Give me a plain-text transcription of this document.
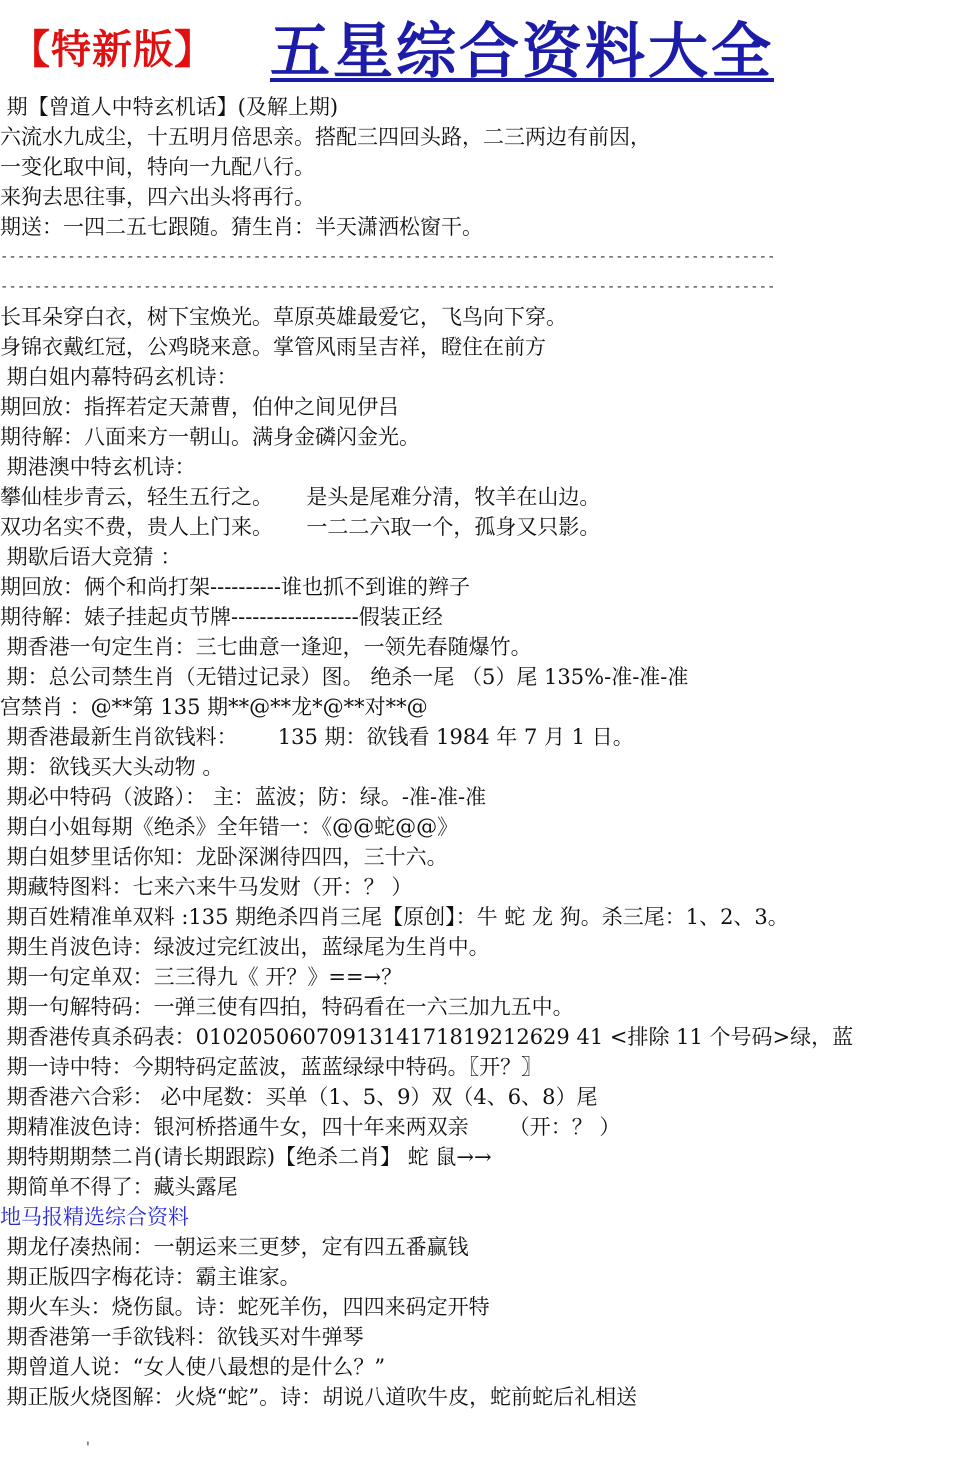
【特新版】 五星综合资料大全
期【曾道人中特玄机话】(及解上期)
六流水九成尘，十五明月倍思亲。搭配三四回头路，二三两边有前因，
一变化取中间，特向一九配八行。
来狗去思往事，四六出头将再行。
期送：一四二五七跟随。猜生肖：半天潇洒松窗干。
--------------------------------------------------------------------------------------------
--------------------------------------------------------------------------------------------
长耳朵穿白衣，树下宝焕光。草原英雄最爱它，飞鸟向下穿。
身锦衣戴红冠，公鸡晓来意。掌管风雨呈吉祥，瞪住在前方
期白姐内幕特码玄机诗：
期回放：指挥若定天萧曹，伯仲之间见伊吕
期待解：八面来方一朝山。满身金磷闪金光。
期港澳中特玄机诗：
攀仙桂步青云，轻生五行之。     是头是尾难分清，牧羊在山边。
双功名实不费，贵人上门来。     一二二六取一个，孤身又只影。
期歇后语大竞猜 ：
期回放：俩个和尚打架----------谁也抓不到谁的辫子
期待解：婊子挂起贞节牌------------------假装正经
期香港一句定生肖：三七曲意一逢迎，一领先春随爆竹。
期：总公司禁生肖（无错过记录）图。 绝杀一尾 （5）尾 135%-准-准-准
宫禁肖 ：@**第 135 期**@**龙*@**对**@
期香港最新生肖欲钱料：      135 期：欲钱看 1984 年 7 月 1 日。
期：欲钱买大头动物 。
期必中特码（波路）： 主：蓝波；防：绿。-准-准-准
期白小姐每期《绝杀》全年错一：《@@蛇@@》
期白姐梦里话你知：龙卧深渊待四四，三十六。
期藏特图料：七来六来牛马发财（开：？ ）
期百姓精准单双料 :135 期绝杀四肖三尾【原创】：牛 蛇 龙 狗。杀三尾：1、2、3。
期生肖波色诗：绿波过完红波出，蓝绿尾为生肖中。
期一句定单双：三三得九《 开？》==→？
期一句解特码：一弹三使有四拍，特码看在一六三加九五中。
期香港传真杀码表：0102050607091314171819212629 41 <排除 11 个号码>绿，蓝
期一诗中特：今期特码定蓝波，蓝蓝绿绿中特码。〖开？〗
期香港六合彩： 必中尾数：买单（1、5、9）双（4、6、8）尾
期精准波色诗：银河桥搭通牛女，四十年来两双亲      （开：？ ）
期特期期禁二肖(请长期跟踪)【绝杀二肖】 蛇 鼠→→
期简单不得了：藏头露尾
地马报精选综合资料
期龙仔凑热闹：一朝运来三更梦，定有四五番赢钱
期正版四字梅花诗：霸主谁家。
期火车头：烧伤鼠。诗：蛇死羊伤，四四来码定开特
期香港第一手欲钱料：欲钱买对牛弹琴
期曾道人说：“女人使八最想的是什么？”
期正版火烧图解：火烧“蛇”。诗：胡说八道吹牛皮，蛇前蛇后礼相送
'
